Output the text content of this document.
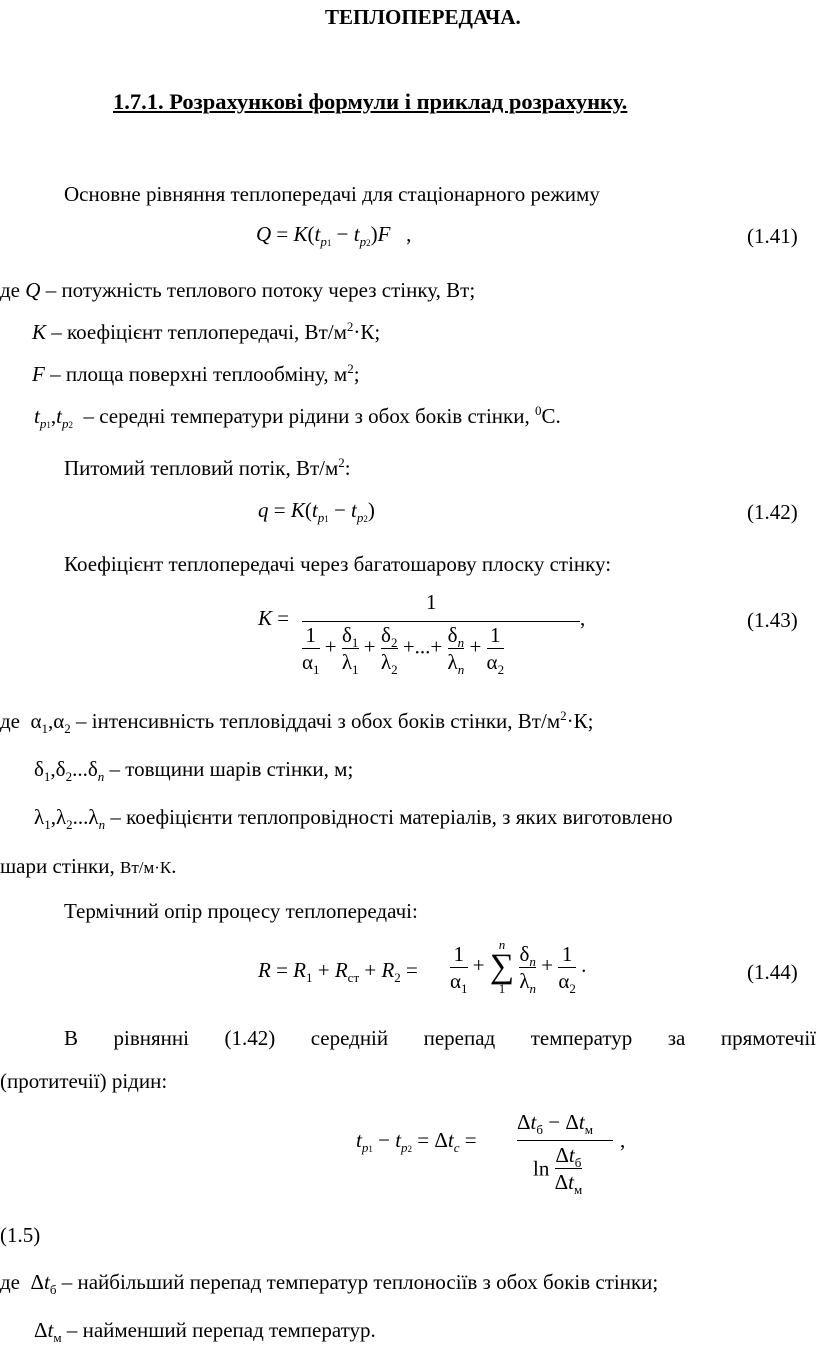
ТЕПЛОПЕРЕДАЧА.
1.7.1. Розрахункові формули і приклад розрахунку.
Основне рівняння теплопередачі для стаціонарного режиму
$Q = K(t_{p1} - t_{p2})F$ ,	(1.41)
де Q – потужність теплового потоку через стінку, Вт;
K – коефіцієнт теплопередачі, $Вт/м^2\cdot К$;
F – площа поверхні теплообміну, $м^2$;
$t_{p1},t_{p2}$  – середні температури рідини з обох боків стінки, $^0$С.
Питомий тепловий потік, $Вт/м^2$:
$q = K(t_{p1} - t_{p2})$	(1.42)
Коефіцієнт теплопередачі через багатошарову плоску стінку:
K =
1
,
$\frac{1}{\alpha_1} + \frac{\delta_1}{\lambda_1} + \frac{\delta_2}{\lambda_2}$ +...+ $\frac{\delta_n}{\lambda_n} + \frac{1}{\alpha_2}$
(1.43)
де  $\alpha_1,\alpha_2$ – інтенсивність тепловіддачі з обох боків стінки, $Вт/м^2\cdot К$;
$\delta_1,\delta_2...\delta_n$ – товщини шарів стінки, м;
$\lambda_1,\lambda_2...\lambda_n$ – коефіцієнти теплопровідності матеріалів, з яких виготовлено
шари стінки, Вт/м·К.
Термічний опір процесу теплопередачі:
$R = R_1 + R_{ст} + R_2 = \frac{1}{\alpha_1}$ +
n
∑
1
$\frac{\delta_n}{\lambda_n} + \frac{1}{\alpha_2}$ .	(1.44)
В рівнянні (1.42) середній перепад температур за прямотечії
(протитечії) рідин:
$t_{p1} - t_{p2} = \Delta t_c$ =
$\Delta t_б - \Delta t_м$ ,
$\ln \frac{\Delta t_б}{\Delta t_м}$
(1.5)
де  $\Delta t_б$ – найбільший перепад температур теплоносіїв з обох боків стінки;
$\Delta t_м$ – найменший перепад температур.
